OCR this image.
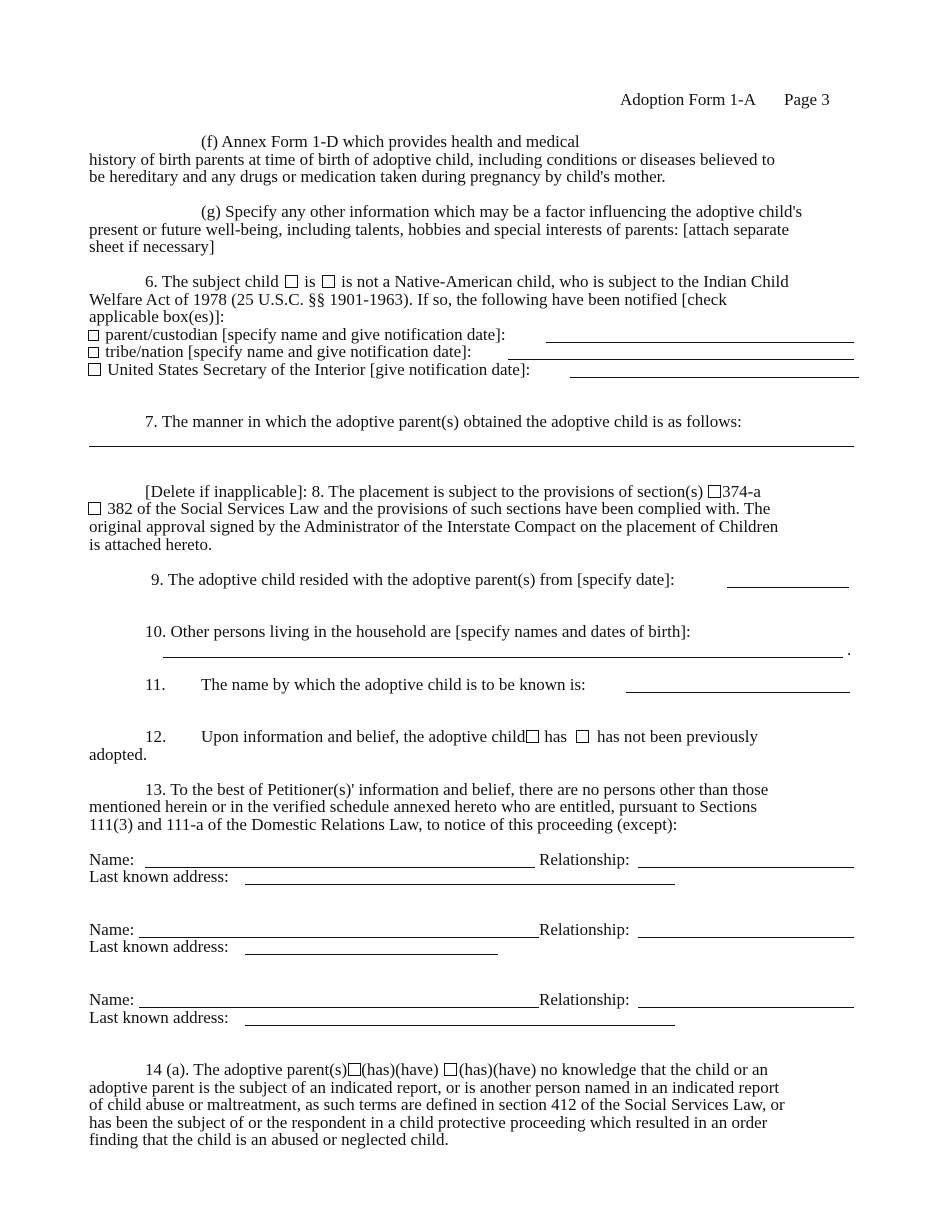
Adoption Form 1-A Page 3
(f) Annex Form 1-D which provides health and medical
history of birth parents at time of birth of adoptive child, including conditions or diseases believed to
be hereditary and any drugs or medication taken during pregnancy by child's mother.
(g) Specify any other information which may be a factor influencing the adoptive child's
present or future well-being, including talents, hobbies and special interests of parents: [attach separate
sheet if necessary]
6. The subject child is is not a Native-American child, who is subject to the Indian Child
Welfare Act of 1978 (25 U.S.C. §§ 1901-1963). If so, the following have been notified [check
applicable box(es)]:
parent/custodian [specify name and give notification date]:
tribe/nation [specify name and give notification date]:
United States Secretary of the Interior [give notification date]:
7. The manner in which the adoptive parent(s) obtained the adoptive child is as follows:
[Delete if inapplicable]: 8. The placement is subject to the provisions of section(s) 374-a
382 of the Social Services Law and the provisions of such sections have been complied with. The
original approval signed by the Administrator of the Interstate Compact on the placement of Children
is attached hereto.
9. The adoptive child resided with the adoptive parent(s) from [specify date]:
10. Other persons living in the household are [specify names and dates of birth]:
.
11. The name by which the adoptive child is to be known is:
12. Upon information and belief, the adoptive child has has not been previously
adopted.
13. To the best of Petitioner(s)' information and belief, there are no persons other than those
mentioned herein or in the verified schedule annexed hereto who are entitled, pursuant to Sections
111(3) and 111-a of the Domestic Relations Law, to notice of this proceeding (except):
Name:	Relationship:
Last known address:
Name:	Relationship:
Last known address:
Name:	Relationship:
Last known address:
14 (a). The adoptive parent(s) (has)(have) (has)(have) no knowledge that the child or an
adoptive parent is the subject of an indicated report, or is another person named in an indicated report
of child abuse or maltreatment, as such terms are defined in section 412 of the Social Services Law, or
has been the subject of or the respondent in a child protective proceeding which resulted in an order
finding that the child is an abused or neglected child.
